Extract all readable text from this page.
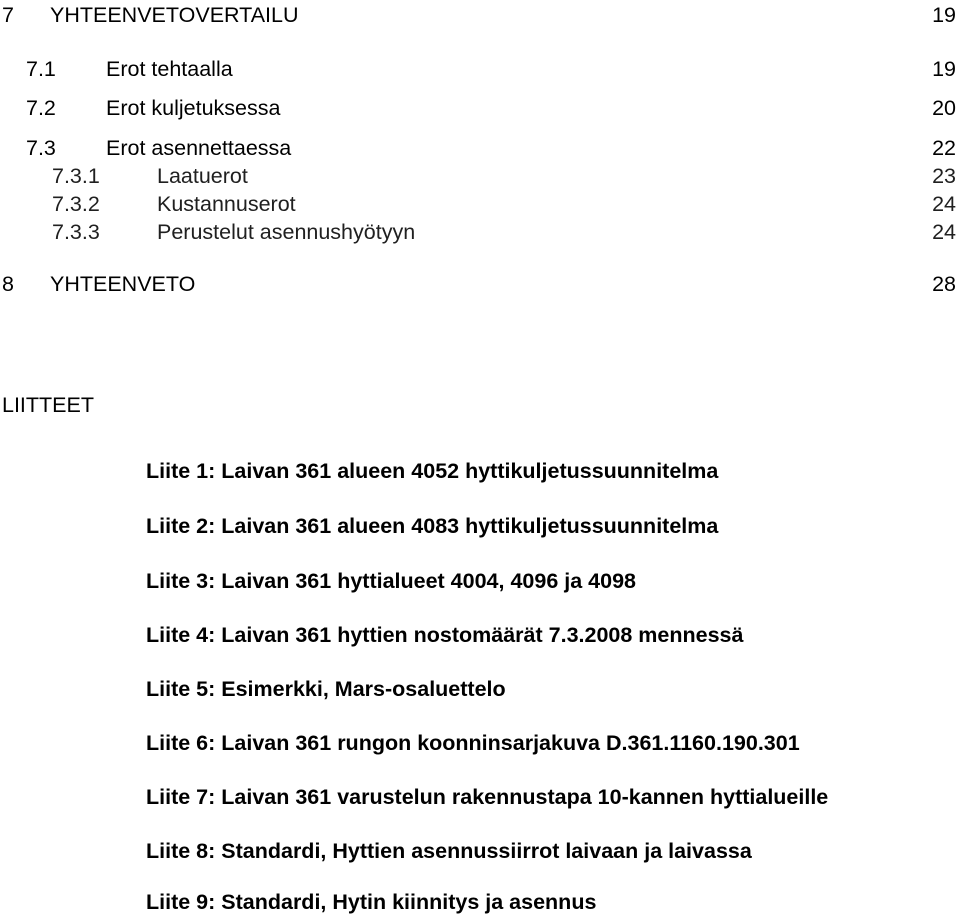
7 YHTEENVETOVERTAILU	19
7.1 Erot tehtaalla	19
7.2 Erot kuljetuksessa	20
7.3 Erot asennettaessa	22
7.3.1	Laatuerot	23
7.3.2	Kustannuserot	24
7.3.3	Perustelut asennushyötyyn	24
8 YHTEENVETO	28
LIITTEET
Liite 1: Laivan 361 alueen 4052 hyttikuljetussuunnitelma
Liite 2: Laivan 361 alueen 4083 hyttikuljetussuunnitelma
Liite 3: Laivan 361 hyttialueet 4004, 4096 ja 4098
Liite 4: Laivan 361 hyttien nostomäärät 7.3.2008 mennessä
Liite 5: Esimerkki, Mars-osaluettelo
Liite 6: Laivan 361 rungon koonninsarjakuva D.361.1160.190.301
Liite 7: Laivan 361 varustelun rakennustapa 10-kannen hyttialueille
Liite 8: Standardi, Hyttien asennussiirrot laivaan ja laivassa
Liite 9: Standardi, Hytin kiinnitys ja asennus
